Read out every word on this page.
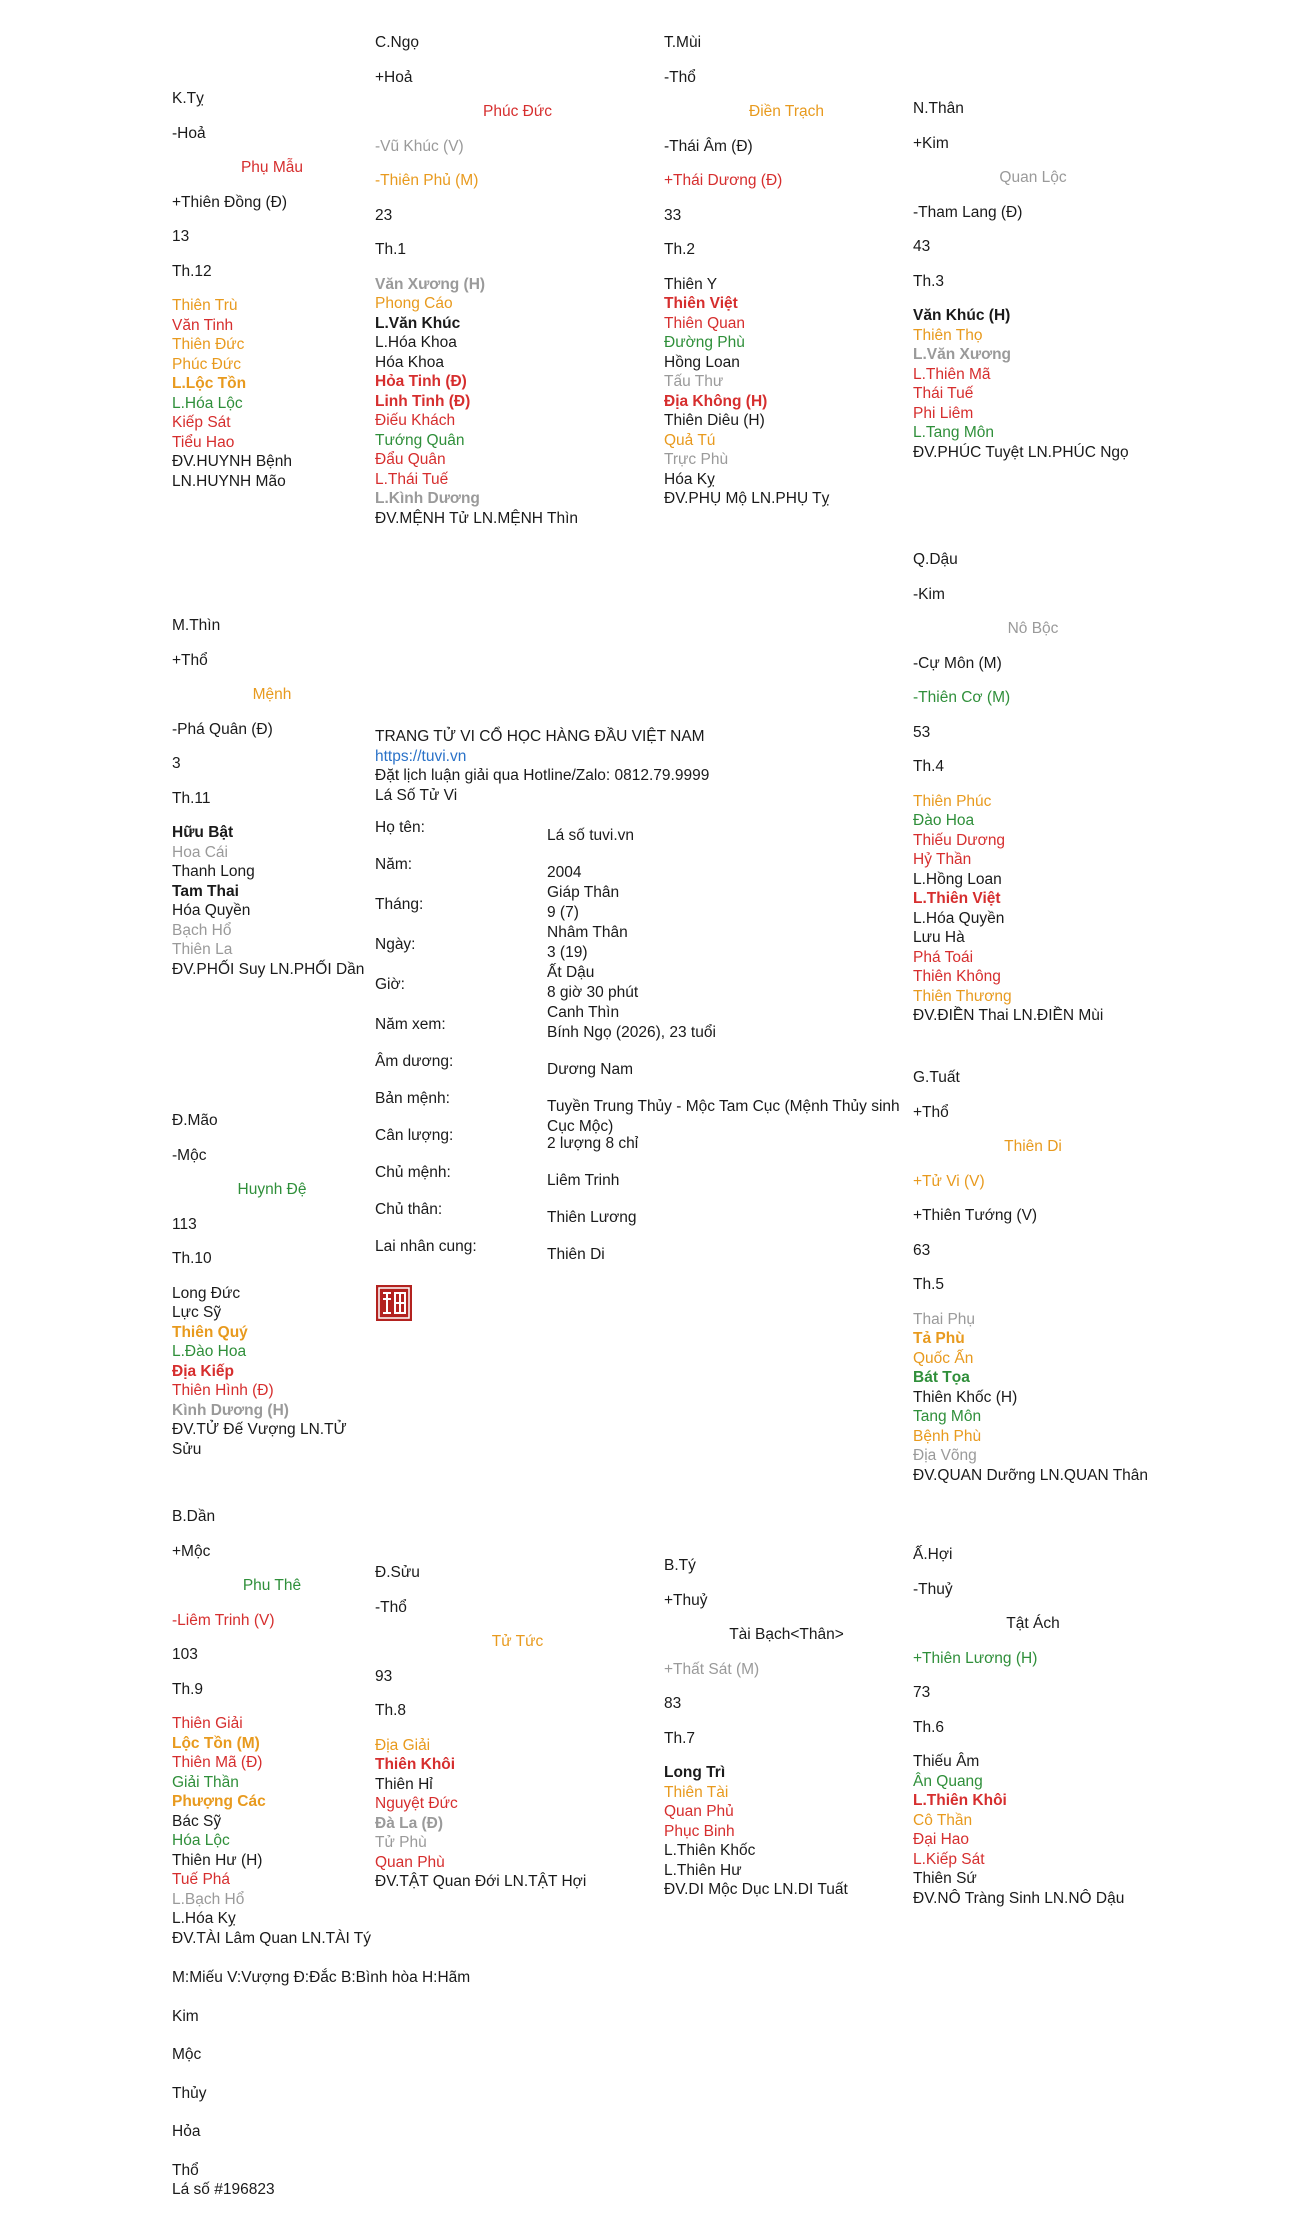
K.Tỵ
-Hoả
Phụ Mẫu
+Thiên Đồng (Đ)
13
Th.12
Thiên Trù
Văn Tinh
Thiên Đức
Phúc Đức
L.Lộc Tồn
L.Hóa Lộc
Kiếp Sát
Tiểu Hao
ĐV.HUYNH Bệnh LN.HUYNH Mão
C.Ngọ
+Hoả
Phúc Đức
-Vũ Khúc (V)
-Thiên Phủ (M)
23
Th.1
Văn Xương (H)
Phong Cáo
L.Văn Khúc
L.Hóa Khoa
Hóa Khoa
Hỏa Tinh (Đ)
Linh Tinh (Đ)
Điếu Khách
Tướng Quân
Đẩu Quân
L.Thái Tuế
L.Kình Dương
ĐV.MỆNH Tử LN.MỆNH Thìn
T.Mùi
-Thổ
Điền Trạch
-Thái Âm (Đ)
+Thái Dương (Đ)
33
Th.2
Thiên Y
Thiên Việt
Thiên Quan
Đường Phù
Hồng Loan
Tấu Thư
Địa Không (H)
Thiên Diêu (H)
Quả Tú
Trực Phù
Hóa Kỵ
ĐV.PHỤ Mộ LN.PHỤ Tỵ
N.Thân
+Kim
Quan Lộc
-Tham Lang (Đ)
43
Th.3
Văn Khúc (H)
Thiên Thọ
L.Văn Xương
L.Thiên Mã
Thái Tuế
Phi Liêm
L.Tang Môn
ĐV.PHÚC Tuyệt LN.PHÚC Ngọ
M.Thìn
+Thổ
Mệnh
-Phá Quân (Đ)
3
Th.11
Hữu Bật
Hoa Cái
Thanh Long
Tam Thai
Hóa Quyền
Bạch Hổ
Thiên La
ĐV.PHỐI Suy LN.PHỐI Dần
Q.Dậu
-Kim
Nô Bộc
-Cự Môn (M)
-Thiên Cơ (M)
53
Th.4
Thiên Phúc
Đào Hoa
Thiếu Dương
Hỷ Thần
L.Hồng Loan
L.Thiên Việt
L.Hóa Quyền
Lưu Hà
Phá Toái
Thiên Không
Thiên Thương
ĐV.ĐIỀN Thai LN.ĐIỀN Mùi
Đ.Mão
-Mộc
Huynh Đệ
113
Th.10
Long Đức
Lực Sỹ
Thiên Quý
L.Đào Hoa
Địa Kiếp
Thiên Hình (Đ)
Kình Dương (H)
ĐV.TỬ Đế Vượng LN.TỬ Sửu
G.Tuất
+Thổ
Thiên Di
+Tử Vi (V)
+Thiên Tướng (V)
63
Th.5
Thai Phụ
Tả Phù
Quốc Ấn
Bát Tọa
Thiên Khốc (H)
Tang Môn
Bệnh Phù
Địa Võng
ĐV.QUAN Dưỡng LN.QUAN Thân
B.Dần
+Mộc
Phu Thê
-Liêm Trinh (V)
103
Th.9
Thiên Giải
Lộc Tồn (M)
Thiên Mã (Đ)
Giải Thần
Phượng Các
Bác Sỹ
Hóa Lộc
Thiên Hư (H)
Tuế Phá
L.Bạch Hổ
L.Hóa Kỵ
ĐV.TÀI Lâm Quan LN.TÀI Tý
Đ.Sửu
-Thổ
Tử Tức
93
Th.8
Địa Giải
Thiên Khôi
Thiên Hỉ
Nguyệt Đức
Đà La (Đ)
Tử Phù
Quan Phù
ĐV.TẬT Quan Đới LN.TẬT Hợi
B.Tý
+Thuỷ
Tài Bạch<Thân>
+Thất Sát (M)
83
Th.7
Long Trì
Thiên Tài
Quan Phủ
Phục Binh
L.Thiên Khốc
L.Thiên Hư
ĐV.DI Mộc Dục LN.DI Tuất
Ấ.Hợi
-Thuỷ
Tật Ách
+Thiên Lương (H)
73
Th.6
Thiếu Âm
Ân Quang
L.Thiên Khôi
Cô Thần
Đại Hao
L.Kiếp Sát
Thiên Sứ
ĐV.NÔ Tràng Sinh LN.NÔ Dậu
TRANG TỬ VI CỔ HỌC HÀNG ĐẦU VIỆT NAM
https://tuvi.vn
Đặt lịch luận giải qua Hotline/Zalo: 0812.79.9999
Lá Số Tử Vi
Họ tên:	Lá số tuvi.vn
Năm:	2004
Giáp Thân
Tháng:	9 (7)
Nhâm Thân
Ngày:	3 (19)
Ất Dậu
Giờ:	8 giờ 30 phút
Canh Thìn
Năm xem:	Bính Ngọ (2026), 23 tuổi
Âm dương:	Dương Nam
Bản mệnh:	Tuyền Trung Thủy - Mộc Tam Cục (Mệnh Thủy sinh Cục Mộc)
Cân lượng:	2 lượng 8 chỉ
Chủ mệnh:	Liêm Trinh
Chủ thân:	Thiên Lương
Lai nhân cung:	Thiên Di
M:Miếu V:Vượng Đ:Đắc B:Bình hòa H:Hãm
Kim
Mộc
Thủy
Hỏa
Thổ
Lá số #196823
